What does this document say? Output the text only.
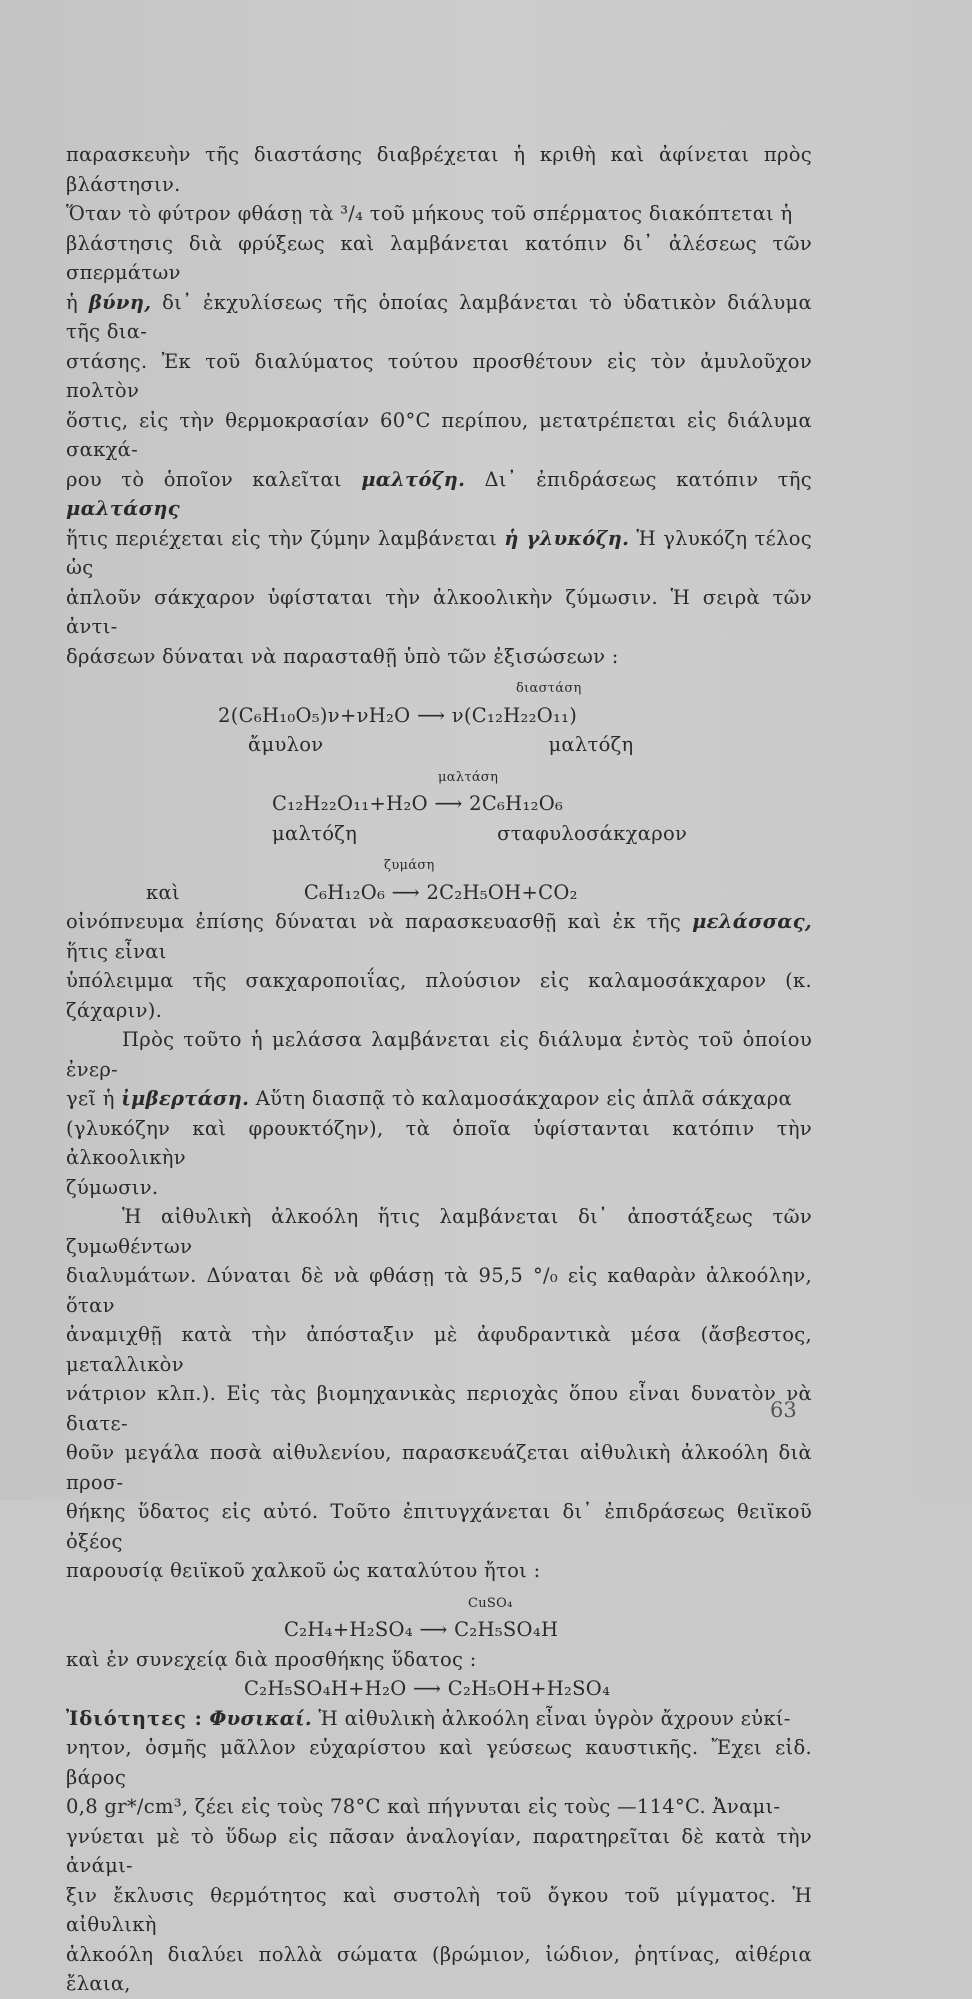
παρασκευὴν τῆς διαστάσης διαβρέχεται ἡ κριθὴ καὶ ἀφίνεται πρὸς βλάστησιν.

Ὅταν τὸ φύτρον φθάσῃ τὰ ³/₄ τοῦ μήκους τοῦ σπέρματος διακόπτεται ἡ

βλάστησις διὰ φρύξεως καὶ λαμβάνεται κατόπιν δι᾽ ἀλέσεως τῶν σπερμάτων

ἡ βύνη, δι᾽ ἐκχυλίσεως τῆς ὁποίας λαμβάνεται τὸ ὑδατικὸν διάλυμα τῆς δια-

στάσης. Ἐκ τοῦ διαλύματος τούτου προσθέτουν εἰς τὸν ἀμυλοῦχον πολτὸν

ὅστις, εἰς τὴν θερμοκρασίαν 60°C περίπου, μετατρέπεται εἰς διάλυμα σακχά-

ρου τὸ ὁποῖον καλεῖται μαλτόζη. Δι᾽ ἐπιδράσεως κατόπιν τῆς μαλτάσης

ἥτις περιέχεται εἰς τὴν ζύμην λαμβάνεται ἡ γλυκόζη. Ἡ γλυκόζη τέλος ὡς

ἁπλοῦν σάκχαρον ὑφίσταται τὴν ἀλκοολικὴν ζύμωσιν. Ἡ σειρὰ τῶν ἀντι-

δράσεων δύναται νὰ παρασταθῇ ὑπὸ τῶν ἐξισώσεων :

διαστάση

2(C₆H₁₀O₅)ν+νH₂O ⟶ ν(C₁₂H₂₂O₁₁)

ἄμυλον	μαλτόζη

μαλτάση

C₁₂H₂₂O₁₁+H₂O ⟶ 2C₆H₁₂O₆

μαλτόζη	σταφυλοσάκχαρον

ζυμάση

καὶ	C₆H₁₂O₆ ⟶ 2C₂H₅OH+CO₂

οἰνόπνευμα ἐπίσης δύναται νὰ παρασκευασθῇ καὶ ἐκ τῆς μελάσσας, ἥτις εἶναι

ὑπόλειμμα τῆς σακχαροποιΐας, πλούσιον εἰς καλαμοσάκχαρον (κ. ζάχαριν).

Πρὸς τοῦτο ἡ μελάσσα λαμβάνεται εἰς διάλυμα ἐντὸς τοῦ ὁποίου ἐνερ-

γεῖ ἡ ἰμβερτάση. Αὕτη διασπᾷ τὸ καλαμοσάκχαρον εἰς ἁπλᾶ σάκχαρα

(γλυκόζην καὶ φρουκτόζην), τὰ ὁποῖα ὑφίστανται κατόπιν τὴν ἀλκοολικὴν

ζύμωσιν.

Ἡ αἰθυλικὴ ἀλκοόλη ἥτις λαμβάνεται δι᾽ ἀποστάξεως τῶν ζυμωθέντων

διαλυμάτων. Δύναται δὲ νὰ φθάσῃ τὰ 95,5 °/₀ εἰς καθαρὰν ἀλκοόλην, ὅταν

ἀναμιχθῇ κατὰ τὴν ἀπόσταξιν μὲ ἀφυδραντικὰ μέσα (ἄσβεστος, μεταλλικὸν

νάτριον κλπ.). Εἰς τὰς βιομηχανικὰς περιοχὰς ὅπου εἶναι δυνατὸν νὰ διατε-

θοῦν μεγάλα ποσὰ αἰθυλενίου, παρασκευάζεται αἰθυλικὴ ἀλκοόλη διὰ προσ-

θήκης ὕδατος εἰς αὐτό. Τοῦτο ἐπιτυγχάνεται δι᾽ ἐπιδράσεως θειϊκοῦ ὀξέος

παρουσίᾳ θειϊκοῦ χαλκοῦ ὡς καταλύτου ἤτοι :

CuSO₄

C₂H₄+H₂SO₄ ⟶ C₂H₅SO₄H

καὶ ἐν συνεχείᾳ διὰ προσθήκης ὕδατος :

C₂H₅SO₄H+H₂O ⟶ C₂H₅OH+H₂SO₄

Ἰδιότητες : Φυσικαί. Ἡ αἰθυλικὴ ἀλκοόλη εἶναι ὑγρὸν ἄχρουν εὐκί-

νητον, ὀσμῆς μᾶλλον εὐχαρίστου καὶ γεύσεως καυστικῆς. Ἔχει εἰδ. βάρος

0,8 gr*/cm³, ζέει εἰς τοὺς 78°C καὶ πήγνυται εἰς τοὺς —114°C. Ἀναμι-

γνύεται μὲ τὸ ὕδωρ εἰς πᾶσαν ἀναλογίαν, παρατηρεῖται δὲ κατὰ τὴν ἀνάμι-

ξιν ἔκλυσις θερμότητος καὶ συστολὴ τοῦ ὄγκου τοῦ μίγματος. Ἡ αἰθυλικὴ

ἀλκοόλη διαλύει πολλὰ σώματα (βρώμιον, ἰώδιον, ῥητίνας, αἰθέρια ἔλαια,

63
